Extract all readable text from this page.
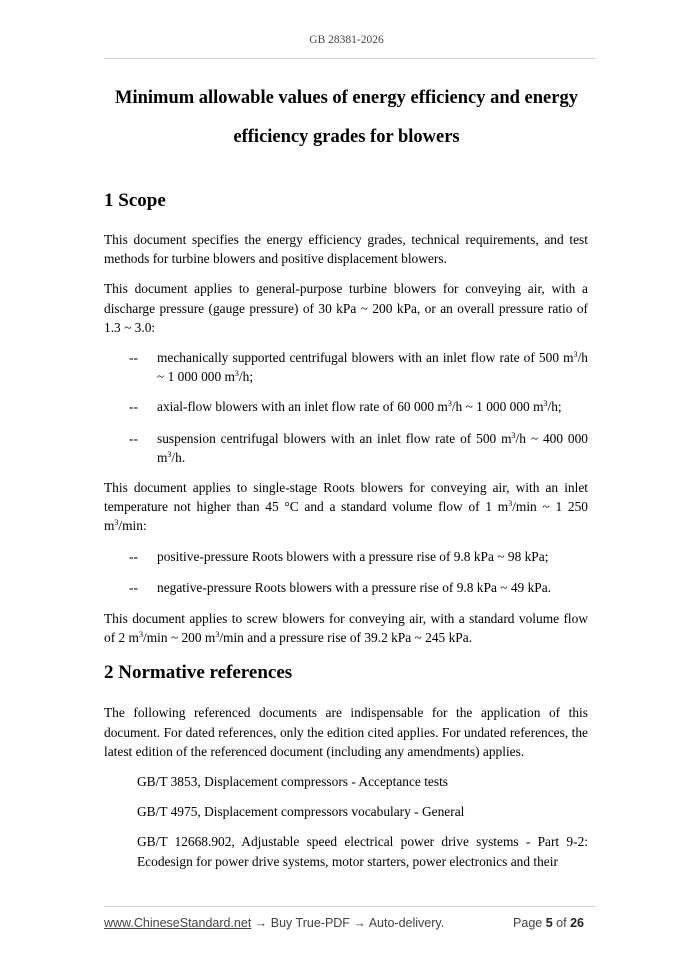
GB 28381-2026
Minimum allowable values of energy efficiency and energy
efficiency grades for blowers
1 Scope

This document specifies the energy efficiency grades, technical requirements, and test methods for turbine blowers and positive displacement blowers.

This document applies to general-purpose turbine blowers for conveying air, with a discharge pressure (gauge pressure) of 30 kPa ~ 200 kPa, or an overall pressure ratio of 1.3 ~ 3.0:

-- mechanically supported centrifugal blowers with an inlet flow rate of 500 $m^3/h$ ~ 1 000 000 $m^3/h$;
-- axial-flow blowers with an inlet flow rate of 60 000 $m^3/h$ ~ 1 000 000 $m^3/h$;
-- suspension centrifugal blowers with an inlet flow rate of 500 $m^3/h$ ~ 400 000 $m^3/h$.

This document applies to single-stage Roots blowers for conveying air, with an inlet temperature not higher than 45 °C and a standard volume flow of 1 $m^3/\min$ ~ 1 250 $m^3/\min$:

-- positive-pressure Roots blowers with a pressure rise of 9.8 kPa ~ 98 kPa;
-- negative-pressure Roots blowers with a pressure rise of 9.8 kPa ~ 49 kPa.

This document applies to screw blowers for conveying air, with a standard volume flow of 2 $m^3/\min$ ~ 200 $m^3/\min$ and a pressure rise of 39.2 kPa ~ 245 kPa.

2 Normative references

The following referenced documents are indispensable for the application of this document. For dated references, only the edition cited applies. For undated references, the latest edition of the referenced document (including any amendments) applies.

GB/T 3853, Displacement compressors - Acceptance tests
GB/T 4975, Displacement compressors vocabulary - General
GB/T 12668.902, Adjustable speed electrical power drive systems - Part 9-2: Ecodesign for power drive systems, motor starters, power electronics and their
www.ChineseStandard.net → Buy True-PDF → Auto-delivery.	Page 5 of 26
